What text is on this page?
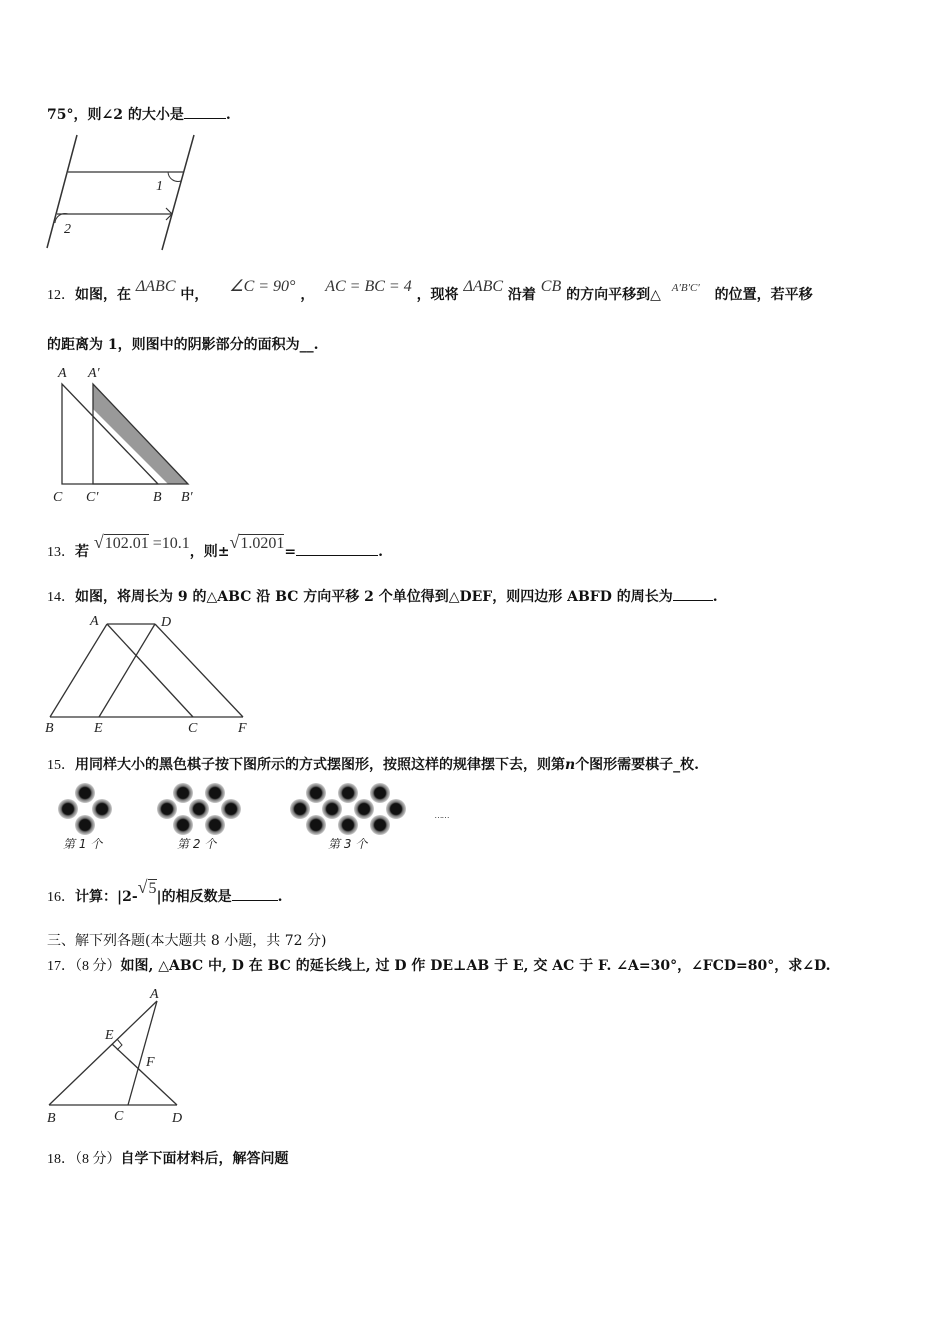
75°，则∠2 的大小是	.
1
2
12．如图，在 ΔABC 中， ∠C = 90° ， AC = BC = 4 ，现将 ΔABC 沿着 CB 的方向平移到△ $^{A'B'C'}$ 的位置，若平移
的距离为 1，则图中的阴影部分的面积为__.
A A′
C C′	B B′
13．若 √102.01 =10.1，则±√1.0201=	.
14．如图，将周长为 9 的△ABC 沿 BC 方向平移 2 个单位得到△DEF，则四边形 ABFD 的周长为	.
A	D
B	E	C	F
15．用同样大小的黑色棋子按下图所示的方式摆图形，按照这样的规律摆下去，则第n个图形需要棋子_枚.
第 1 个	第 2 个	第 3 个
……
16．计算：|2-√5|的相反数是	.
三、解下列各题(本大题共 8 小题，共 72 分)
17．（8 分）如图, △ABC 中, D 在 BC 的延长线上, 过 D 作 DE⊥AB 于 E, 交 AC 于 F. ∠A=30°，∠FCD=80°，求∠D.
A
E
F
B	C	D
18．（8 分）自学下面材料后，解答问题
